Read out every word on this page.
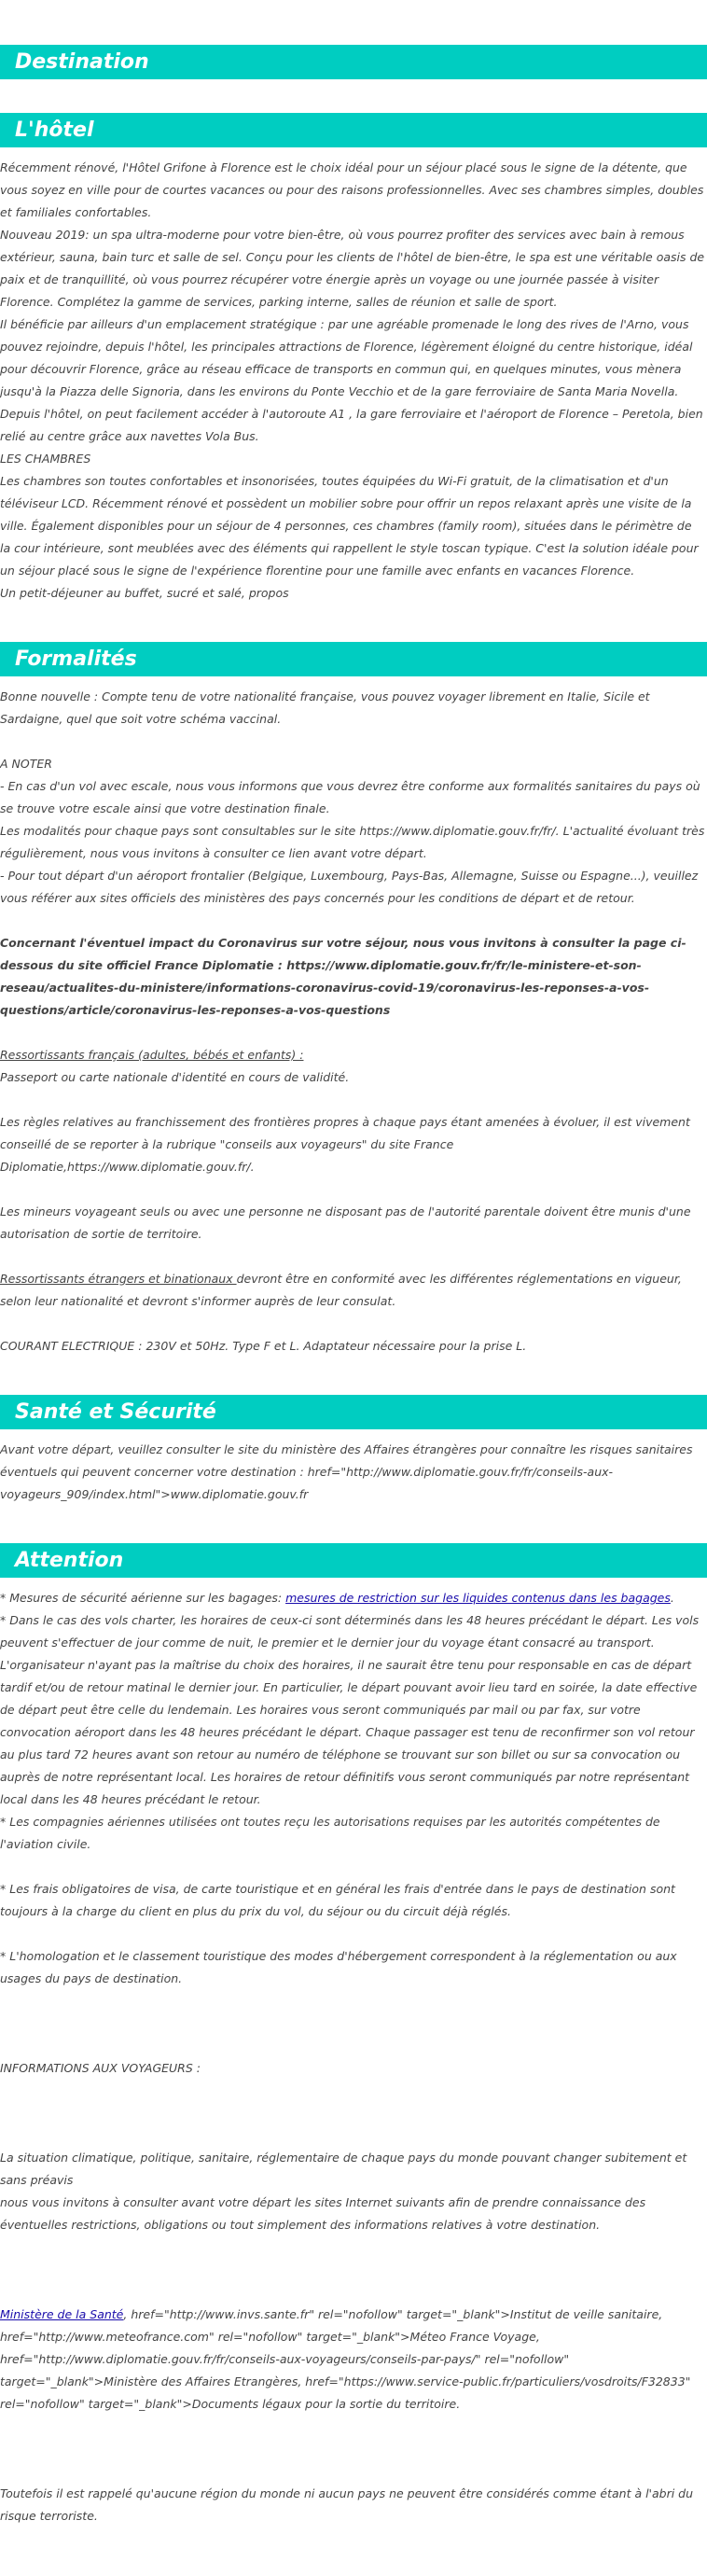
Destination
L'hôtel

Récemment rénové, l'Hôtel Grifone à Florence est le choix idéal pour un séjour placé sous le signe de la détente, que vous soyez en ville pour de courtes vacances ou pour des raisons professionnelles. Avec ses chambres simples, doubles et familiales confortables.

Nouveau 2019: un spa ultra-moderne pour votre bien-être, où vous pourrez profiter des services avec bain à remous extérieur, sauna, bain turc et salle de sel. Conçu pour les clients de l'hôtel de bien-être, le spa est une véritable oasis de paix et de tranquillité, où vous pourrez récupérer votre énergie après un voyage ou une journée passée à visiter Florence. Complétez la gamme de services, parking interne, salles de réunion et salle de sport.

Il bénéficie par ailleurs d'un emplacement stratégique : par une agréable promenade le long des rives de l'Arno, vous pouvez rejoindre, depuis l'hôtel, les principales attractions de Florence, légèrement éloigné du centre historique, idéal pour découvrir Florence, grâce au réseau efficace de transports en commun qui, en quelques minutes, vous mènera jusqu'à la Piazza delle Signoria, dans les environs du Ponte Vecchio et de la gare ferroviaire de Santa Maria Novella.

Depuis l'hôtel, on peut facilement accéder à l'autoroute A1 , la gare ferroviaire et l'aéroport de Florence – Peretola, bien relié au centre grâce aux navettes Vola Bus.

LES CHAMBRES

Les chambres son toutes confortables et insonorisées, toutes équipées du Wi-Fi gratuit, de la climatisation et d'un téléviseur LCD. Récemment rénové et possèdent un mobilier sobre pour offrir un repos relaxant après une visite de la ville. Également disponibles pour un séjour de 4 personnes, ces chambres (family room), situées dans le périmètre de la cour intérieure, sont meublées avec des éléments qui rappellent le style toscan typique. C'est la solution idéale pour un séjour placé sous le signe de l'expérience florentine pour une famille avec enfants en vacances Florence.

Un petit-déjeuner au buffet, sucré et salé, propos

Formalités

Bonne nouvelle : Compte tenu de votre nationalité française, vous pouvez voyager librement en Italie, Sicile et Sardaigne, quel que soit votre schéma vaccinal.

A NOTER

- En cas d'un vol avec escale, nous vous informons que vous devrez être conforme aux formalités sanitaires du pays où se trouve votre escale ainsi que votre destination finale.

Les modalités pour chaque pays sont consultables sur le site https://www.diplomatie.gouv.fr/fr/. L'actualité évoluant très régulièrement, nous vous invitons à consulter ce lien avant votre départ.

- Pour tout départ d'un aéroport frontalier (Belgique, Luxembourg, Pays-Bas, Allemagne, Suisse ou Espagne...), veuillez vous référer aux sites officiels des ministères des pays concernés pour les conditions de départ et de retour.

Concernant l'éventuel impact du Coronavirus sur votre séjour, nous vous invitons à consulter la page ci-dessous du site officiel France Diplomatie : https://www.diplomatie.gouv.fr/fr/le-ministere-et-son-reseau/actualites-du-ministere/informations-coronavirus-covid-19/coronavirus-les-reponses-a-vos-questions/article/coronavirus-les-reponses-a-vos-questions

Ressortissants français (adultes, bébés et enfants) :

Passeport ou carte nationale d'identité en cours de validité.

Les règles relatives au franchissement des frontières propres à chaque pays étant amenées à évoluer, il est vivement conseillé de se reporter à la rubrique "conseils aux voyageurs" du site France Diplomatie,https://www.diplomatie.gouv.fr/.

Les mineurs voyageant seuls ou avec une personne ne disposant pas de l'autorité parentale doivent être munis d'une autorisation de sortie de territoire.

Ressortissants étrangers et binationaux devront être en conformité avec les différentes réglementations en vigueur, selon leur nationalité et devront s'informer auprès de leur consulat.

COURANT ELECTRIQUE : 230V et 50Hz. Type F et L. Adaptateur nécessaire pour la prise L.

Santé et Sécurité

Avant votre départ, veuillez consulter le site du ministère des Affaires étrangères pour connaître les risques sanitaires éventuels qui peuvent concerner votre destination : href="http://www.diplomatie.gouv.fr/fr/conseils-aux-voyageurs_909/index.html">www.diplomatie.gouv.fr

Attention

* Mesures de sécurité aérienne sur les bagages: mesures de restriction sur les liquides contenus dans les bagages.

* Dans le cas des vols charter, les horaires de ceux-ci sont déterminés dans les 48 heures précédant le départ. Les vols peuvent s'effectuer de jour comme de nuit, le premier et le dernier jour du voyage étant consacré au transport. L'organisateur n'ayant pas la maîtrise du choix des horaires, il ne saurait être tenu pour responsable en cas de départ tardif et/ou de retour matinal le dernier jour. En particulier, le départ pouvant avoir lieu tard en soirée, la date effective de départ peut être celle du lendemain. Les horaires vous seront communiqués par mail ou par fax, sur votre convocation aéroport dans les 48 heures précédant le départ. Chaque passager est tenu de reconfirmer son vol retour au plus tard 72 heures avant son retour au numéro de téléphone se trouvant sur son billet ou sur sa convocation ou auprès de notre représentant local. Les horaires de retour définitifs vous seront communiqués par notre représentant local dans les 48 heures précédant le retour.

* Les compagnies aériennes utilisées ont toutes reçu les autorisations requises par les autorités compétentes de l'aviation civile.

* Les frais obligatoires de visa, de carte touristique et en général les frais d'entrée dans le pays de destination sont toujours à la charge du client en plus du prix du vol, du séjour ou du circuit déjà réglés.

* L'homologation et le classement touristique des modes d'hébergement correspondent à la réglementation ou aux usages du pays de destination.

INFORMATIONS AUX VOYAGEURS :

La situation climatique, politique, sanitaire, réglementaire de chaque pays du monde pouvant changer subitement et sans préavis

nous vous invitons à consulter avant votre départ les sites Internet suivants afin de prendre connaissance des éventuelles restrictions, obligations ou tout simplement des informations relatives à votre destination.

Ministère de la Santé, href="http://www.invs.sante.fr" rel="nofollow" target="_blank">Institut de veille sanitaire, href="http://www.meteofrance.com" rel="nofollow" target="_blank">Méteo France Voyage, href="http://www.diplomatie.gouv.fr/fr/conseils-aux-voyageurs/conseils-par-pays/" rel="nofollow" target="_blank">Ministère des Affaires Etrangères, href="https://www.service-public.fr/particuliers/vosdroits/F32833" rel="nofollow" target="_blank">Documents légaux pour la sortie du territoire.

Toutefois il est rappelé qu'aucune région du monde ni aucun pays ne peuvent être considérés comme étant à l'abri du risque terroriste.
